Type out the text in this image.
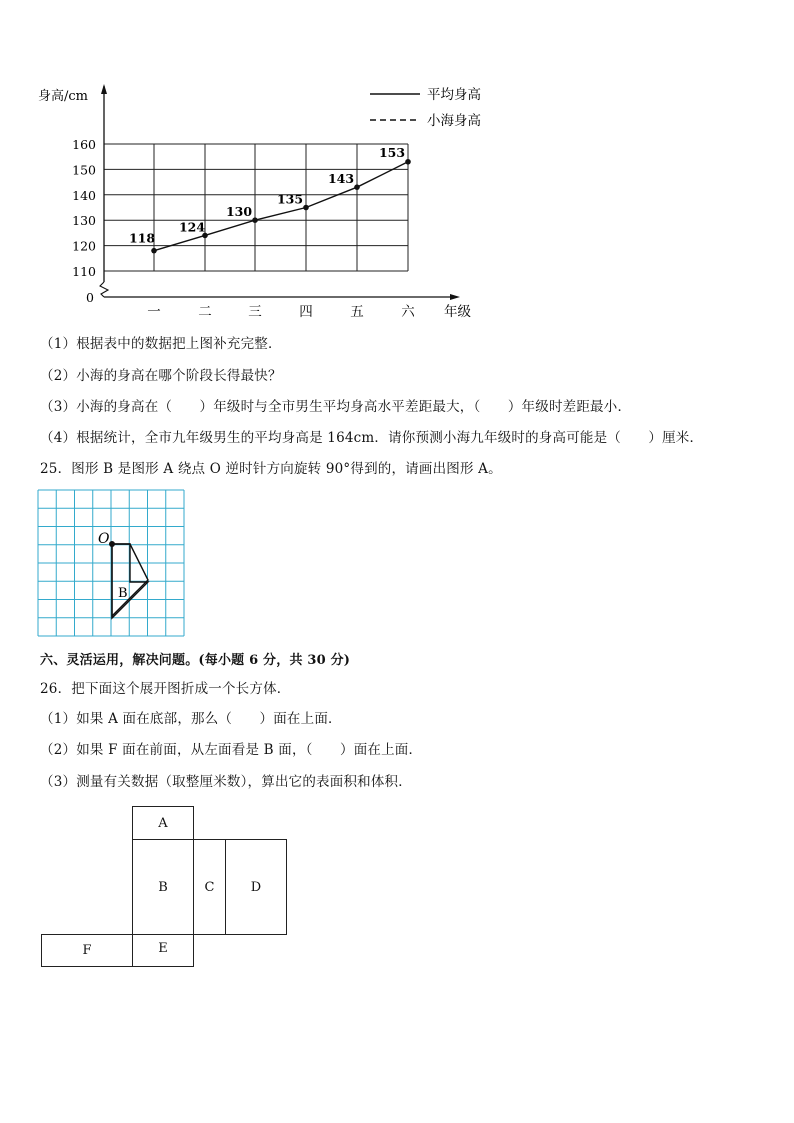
身高/cm
年级
0
110
120
130
140
150
160
一	二	三	四	五	六
118
124
130
135
143
153
平均身高
小海身高
（1）根据表中的数据把上图补充完整．
（2）小海的身高在哪个阶段长得最快？
（3）小海的身高在（　　）年级时与全市男生平均身高水平差距最大，（　　）年级时差距最小．
（4）根据统计，全市九年级男生的平均身高是 164cm．请你预测小海九年级时的身高可能是（　　）厘米．
25．图形 B 是图形 A 绕点 O 逆时针方向旋转 90°得到的，请画出图形 A。
O
B
六、灵活运用，解决问题。(每小题 6 分，共 30 分)
26．把下面这个展开图折成一个长方体．
（1）如果 A 面在底部，那么（　　）面在上面．
（2）如果 F 面在前面，从左面看是 B 面，（　　）面在上面．
（3）测量有关数据（取整厘米数），算出它的表面积和体积．
A
B	C	D
F	E
